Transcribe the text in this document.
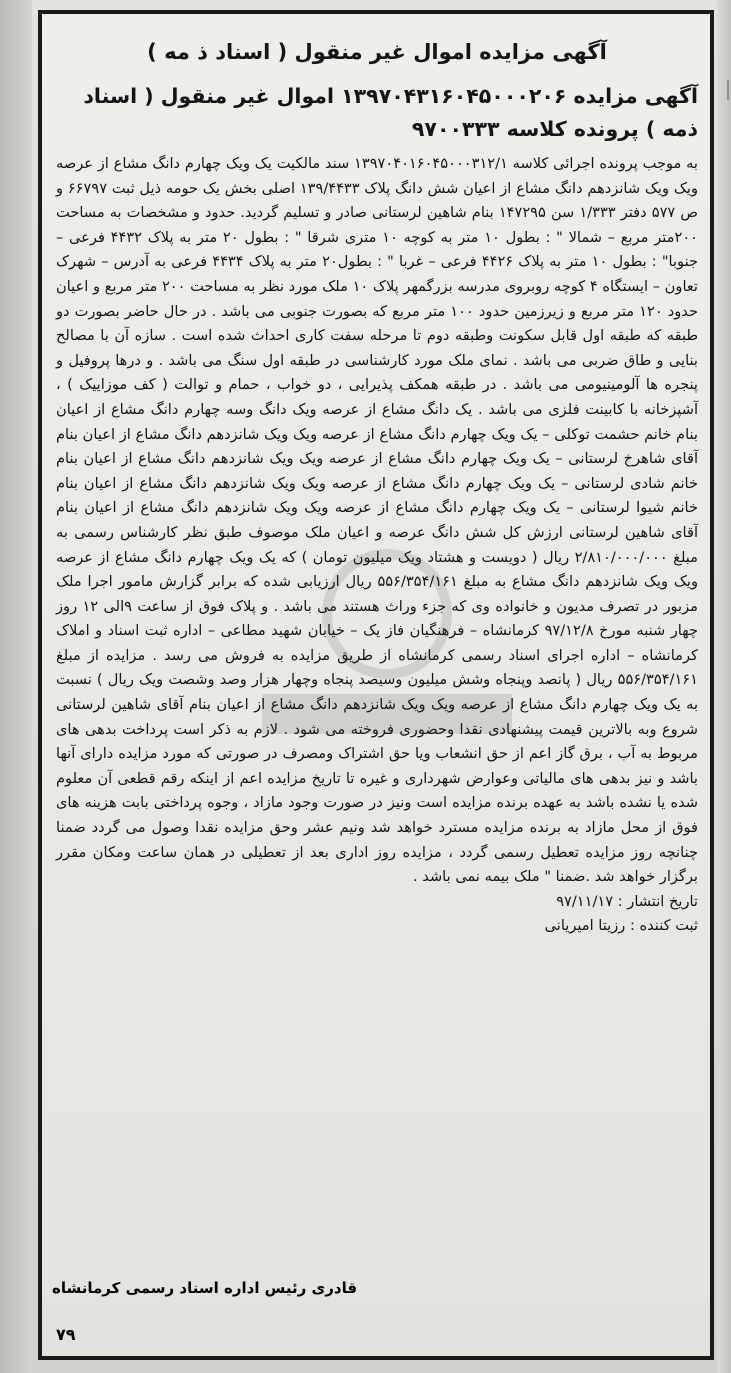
آگهی مزایده اموال غیر منقول ( اسناد ذ مه )
آگهی مزایده ۱۳۹۷۰۴۳۱۶۰۴۵۰۰۰۲۰۶ اموال غیر منقول ( اسناد ذمه ) پرونده کلاسه ۹۷۰۰۳۳۳

به موجب پرونده اجرائی کلاسه ۱۳۹۷۰۴۰۱۶۰۴۵۰۰۰۳۱۲/۱ سند مالکیت یک ویک چهارم دانگ مشاع از عرصه ویک ویک شانزدهم دانگ مشاع از اعیان شش دانگ پلاک ۱۳۹/۴۴۳۳ اصلی بخش یک حومه ذیل ثبت ۶۶۷۹۷ و ص ۵۷۷ دفتر ۱/۳۳۳ سن ۱۴۷۲۹۵ بنام شاهین لرستانی صادر و تسلیم گردید. حدود و مشخصات به مساحت ۲۰۰متر مربع – شمالا " : بطول ۱۰ متر به کوچه ۱۰ متری شرقا " : بطول ۲۰ متر به پلاک ۴۴۳۲ فرعی – جنوبا" : بطول ۱۰ متر به پلاک ۴۴۲۶ فرعی – غربا " : بطول۲۰ متر به پلاک ۴۴۳۴ فرعی به آدرس – شهرک تعاون – ایستگاه ۴ کوچه روبروی مدرسه بزرگمهر پلاک ۱۰ ملک مورد نظر به مساحت ۲۰۰ متر مربع و اعیان حدود ۱۲۰ متر مربع و زیرزمین حدود ۱۰۰ متر مربع که بصورت جنوبی می باشد . در حال حاضر بصورت دو طبقه که طبقه اول قابل سکونت وطبقه دوم تا مرحله سفت کاری احداث شده است . سازه آن با مصالح بنایی و طاق ضربی می باشد . نمای ملک مورد کارشناسی در طبقه اول سنگ می باشد . و درها پروفیل و پنجره ها آلومینیومی می باشد . در طبقه همکف پذیرایی ، دو خواب ، حمام و توالت ( کف موزاییک ) ، آشپزخانه با کابینت فلزی می باشد . یک دانگ مشاع از عرصه ویک دانگ وسه چهارم دانگ مشاع از اعیان بنام خانم حشمت توکلی – یک ویک چهارم دانگ مشاع از عرصه ویک ویک شانزدهم دانگ مشاع از اعیان بنام آقای شاهرخ لرستانی – یک ویک چهارم دانگ مشاع از عرصه ویک ویک شانزدهم دانگ مشاع از اعیان بنام خانم شادی لرستانی – یک ویک چهارم دانگ مشاع از عرصه ویک ویک شانزدهم دانگ مشاع از اعیان بنام خانم شیوا لرستانی – یک ویک چهارم دانگ مشاع از عرصه ویک ویک شانزدهم دانگ مشاع از اعیان بنام آقای شاهین لرستانی ارزش کل شش دانگ عرصه و اعیان ملک موصوف طبق نظر کارشناس رسمی به مبلغ ۲/۸۱۰/۰۰۰/۰۰۰ ریال ( دویست و هشتاد ویک میلیون تومان ) که یک ویک چهارم دانگ مشاع از عرصه ویک ویک شانزدهم دانگ مشاع به مبلغ ۵۵۶/۳۵۴/۱۶۱ ریال ارزیابی شده که برابر گزارش مامور اجرا ملک مزبور در تصرف مدیون و خانواده وی که جزء وراث هستند می باشد . و پلاک فوق از ساعت ۹الی ۱۲ روز چهار شنبه مورخ ۹۷/۱۲/۸ کرمانشاه – فرهنگیان فاز یک – خیابان شهید مطاعی – اداره ثبت اسناد و املاک کرمانشاه – اداره اجرای اسناد رسمی کرمانشاه از طریق مزایده به فروش می رسد . مزایده از مبلغ ۵۵۶/۳۵۴/۱۶۱ ریال ( پانصد وپنجاه وشش میلیون وسیصد پنجاه وچهار هزار وصد وشصت ویک ریال ) نسبت به یک ویک چهارم دانگ مشاع از عرصه ویک ویک شانزدهم دانگ مشاع از اعیان بنام آقای شاهین لرستانی شروع وبه بالاترین قیمت پیشنهادی نقدا وحضوری فروخته می شود . لازم به ذکر است پرداخت بدهی های مربوط به آب ، برق گاز اعم از حق انشعاب ویا حق اشتراک ومصرف در صورتی که مورد مزایده دارای آنها باشد و نیز بدهی های مالیاتی وعوارض شهرداری و غیره تا تاریخ مزایده اعم از اینکه رقم قطعی آن معلوم شده یا نشده باشد به عهده برنده مزایده است ونیز در صورت وجود مازاد ، وجوه پرداختی بابت هزینه های فوق از محل مازاد به برنده مزایده مسترد خواهد شد ونیم عشر وحق مزایده نقدا وصول می گردد ضمنا چنانچه روز مزایده تعطیل رسمی گردد ، مزایده روز اداری بعد از تعطیلی در همان ساعت ومکان مقرر برگزار خواهد شد .ضمنا " ملک بیمه نمی باشد .

تاریخ انتشار : ۹۷/۱۱/۱۷

ثبت کننده : رزیتا امیریانی

قادری رئیس اداره اسناد رسمی کرمانشاه
۷۹
